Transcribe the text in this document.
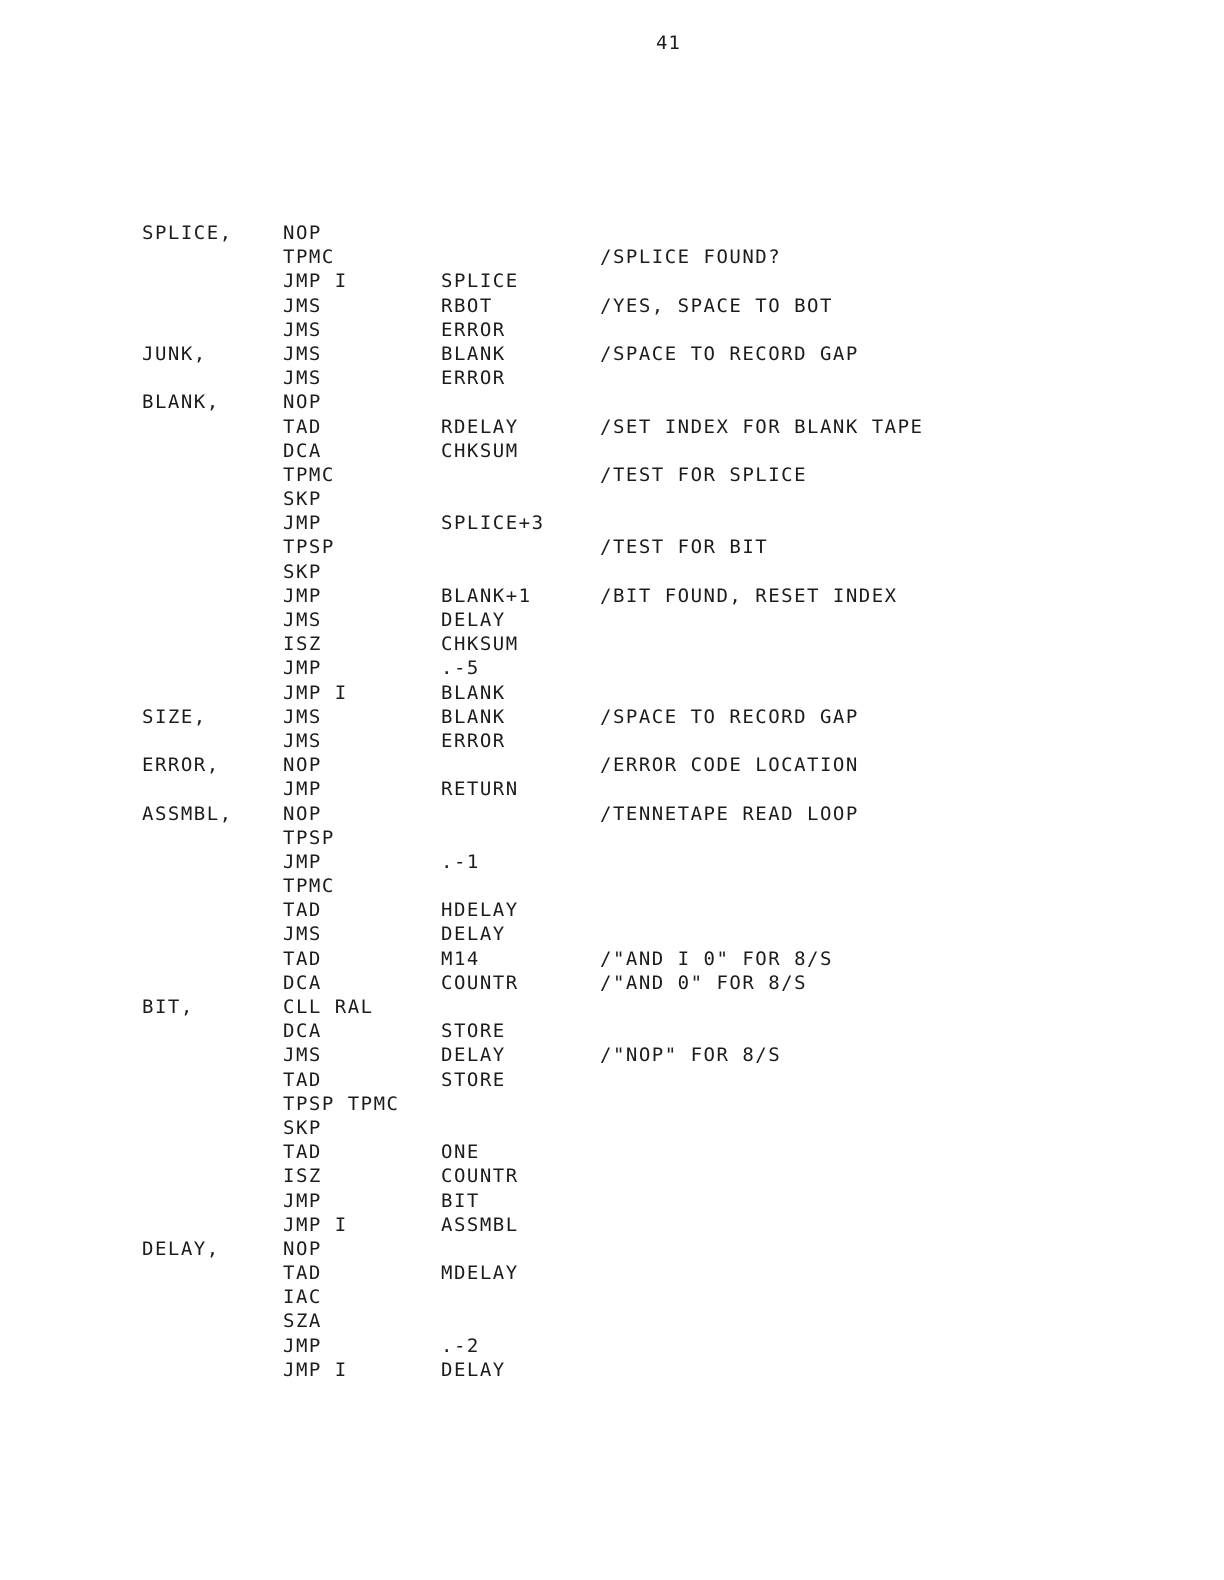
41
SPLICE,	NOP
TPMC	/SPLICE FOUND?
JMP I	SPLICE
JMS	RBOT	/YES, SPACE TO BOT
JMS	ERROR
JUNK,	JMS	BLANK	/SPACE TO RECORD GAP
JMS	ERROR
BLANK,	NOP
TAD	RDELAY	/SET INDEX FOR BLANK TAPE
DCA	CHKSUM
TPMC	/TEST FOR SPLICE
SKP
JMP	SPLICE+3
TPSP	/TEST FOR BIT
SKP
JMP	BLANK+1	/BIT FOUND, RESET INDEX
JMS	DELAY
ISZ	CHKSUM
JMP	.-5
JMP I	BLANK
SIZE,	JMS	BLANK	/SPACE TO RECORD GAP
JMS	ERROR
ERROR,	NOP	/ERROR CODE LOCATION
JMP	RETURN
ASSMBL,	NOP	/TENNETAPE READ LOOP
TPSP
JMP	.-1
TPMC
TAD	HDELAY
JMS	DELAY
TAD	M14	/"AND I 0" FOR 8/S
DCA	COUNTR	/"AND 0" FOR 8/S
BIT,	CLL RAL
DCA	STORE
JMS	DELAY	/"NOP" FOR 8/S
TAD	STORE
TPSP TPMC
SKP
TAD	ONE
ISZ	COUNTR
JMP	BIT
JMP I	ASSMBL
DELAY,	NOP
TAD	MDELAY
IAC
SZA
JMP	.-2
JMP I	DELAY
